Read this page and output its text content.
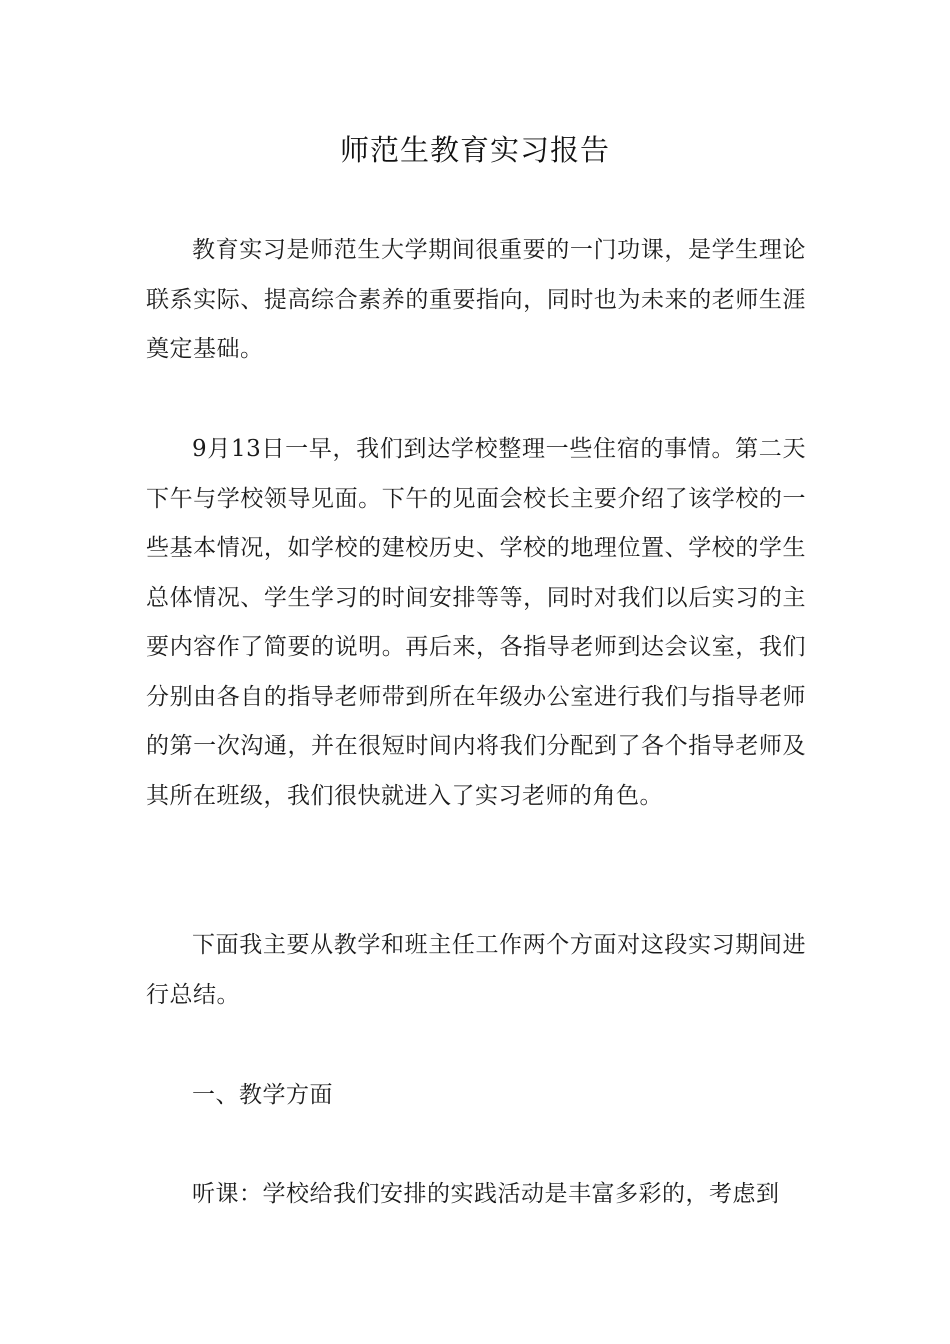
师范生教育实习报告

教育实习是师范生大学期间很重要的一门功课，是学生理论联系实际、提高综合素养的重要指向，同时也为未来的老师生涯奠定基础。

9月13日一早，我们到达学校整理一些住宿的事情。第二天下午与学校领导见面。下午的见面会校长主要介绍了该学校的一些基本情况，如学校的建校历史、学校的地理位置、学校的学生总体情况、学生学习的时间安排等等，同时对我们以后实习的主要内容作了简要的说明。再后来，各指导老师到达会议室，我们分别由各自的指导老师带到所在年级办公室进行我们与指导老师的第一次沟通，并在很短时间内将我们分配到了各个指导老师及其所在班级，我们很快就进入了实习老师的角色。

下面我主要从教学和班主任工作两个方面对这段实习期间进行总结。

一、教学方面

听课：学校给我们安排的实践活动是丰富多彩的，考虑到
